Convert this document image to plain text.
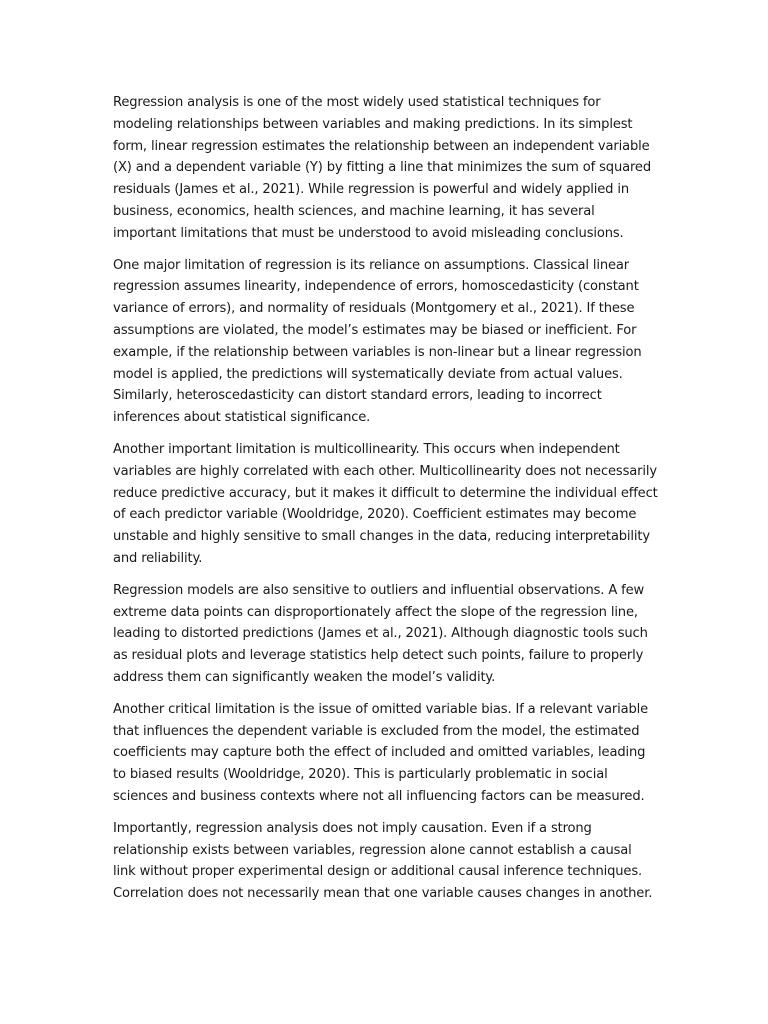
Regression analysis is one of the most widely used statistical techniques for modeling relationships between variables and making predictions. In its simplest form, linear regression estimates the relationship between an independent variable (X) and a dependent variable (Y) by fitting a line that minimizes the sum of squared residuals (James et al., 2021). While regression is powerful and widely applied in business, economics, health sciences, and machine learning, it has several important limitations that must be understood to avoid misleading conclusions.

One major limitation of regression is its reliance on assumptions. Classical linear regression assumes linearity, independence of errors, homoscedasticity (constant variance of errors), and normality of residuals (Montgomery et al., 2021). If these assumptions are violated, the model’s estimates may be biased or inefficient. For example, if the relationship between variables is non-linear but a linear regression model is applied, the predictions will systematically deviate from actual values. Similarly, heteroscedasticity can distort standard errors, leading to incorrect inferences about statistical significance.

Another important limitation is multicollinearity. This occurs when independent variables are highly correlated with each other. Multicollinearity does not necessarily reduce predictive accuracy, but it makes it difficult to determine the individual effect of each predictor variable (Wooldridge, 2020). Coefficient estimates may become unstable and highly sensitive to small changes in the data, reducing interpretability and reliability.

Regression models are also sensitive to outliers and influential observations. A few extreme data points can disproportionately affect the slope of the regression line, leading to distorted predictions (James et al., 2021). Although diagnostic tools such as residual plots and leverage statistics help detect such points, failure to properly address them can significantly weaken the model’s validity.

Another critical limitation is the issue of omitted variable bias. If a relevant variable that influences the dependent variable is excluded from the model, the estimated coefficients may capture both the effect of included and omitted variables, leading to biased results (Wooldridge, 2020). This is particularly problematic in social sciences and business contexts where not all influencing factors can be measured.

Importantly, regression analysis does not imply causation. Even if a strong relationship exists between variables, regression alone cannot establish a causal link without proper experimental design or additional causal inference techniques. Correlation does not necessarily mean that one variable causes changes in another.
